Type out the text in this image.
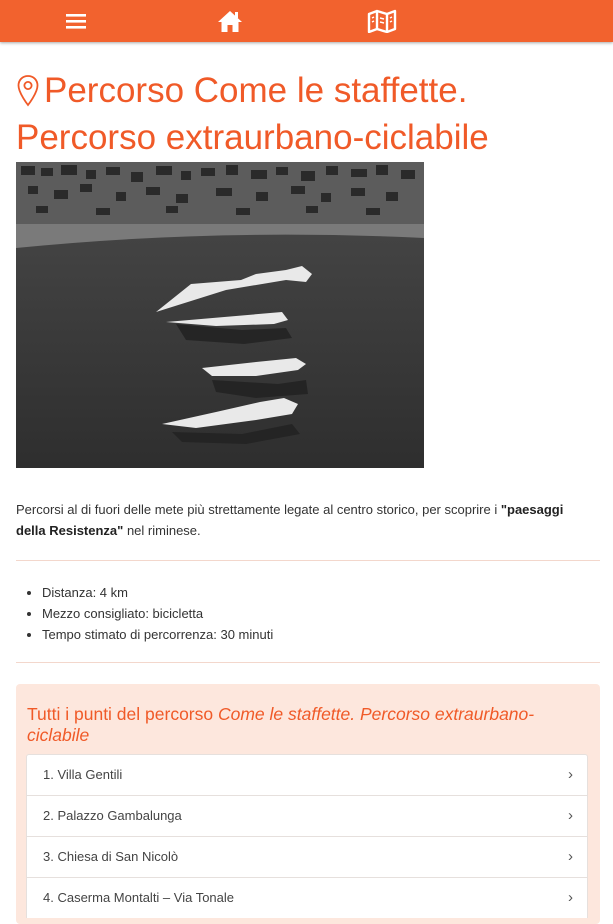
Percorso Come le staffette.
Percorso extraurbano-ciclabile
Percorsi al di fuori delle mete più strettamente legate al centro storico, per scoprire i "paesaggi della Resistenza" nel riminese.
• Distanza: 4 km
• Mezzo consigliato: bicicletta
• Tempo stimato di percorrenza: 30 minuti
Tutti i punti del percorso Come le staffette. Percorso extraurbano-ciclabile
1. Villa Gentili	›
2. Palazzo Gambalunga	›
3. Chiesa di San Nicolò	›
4. Caserma Montalti – Via Tonale	›
